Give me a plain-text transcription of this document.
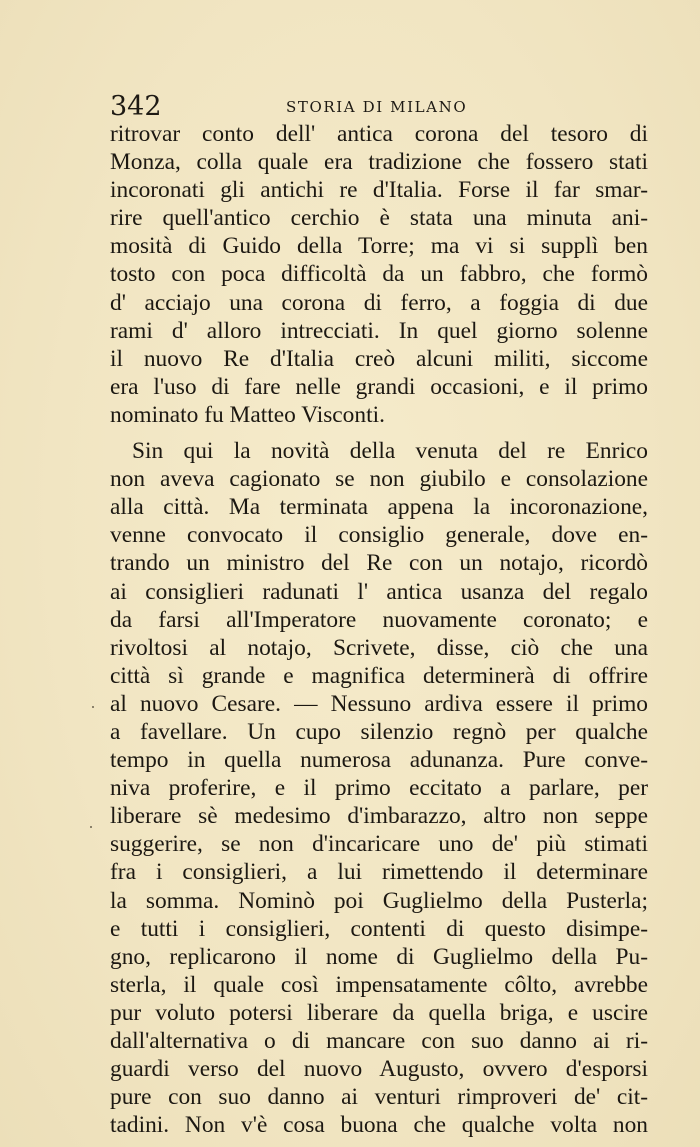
342	STORIA DI MILANO
ritrovar conto dell' antica corona del tesoro di
Monza, colla quale era tradizione che fossero stati
incoronati gli antichi re d'Italia. Forse il far smar-
rire quell'antico cerchio è stata una minuta ani-
mosità di Guido della Torre; ma vi si supplì ben
tosto con poca difficoltà da un fabbro, che formò
d' acciajo una corona di ferro, a foggia di due
rami d' alloro intrecciati. In quel giorno solenne
il nuovo Re d'Italia creò alcuni militi, siccome
era l'uso di fare nelle grandi occasioni, e il primo
nominato fu Matteo Visconti.
Sin qui la novità della venuta del re Enrico
non aveva cagionato se non giubilo e consolazione
alla città. Ma terminata appena la incoronazione,
venne convocato il consiglio generale, dove en-
trando un ministro del Re con un notajo, ricordò
ai consiglieri radunati l' antica usanza del regalo
da farsi all'Imperatore nuovamente coronato; e
rivoltosi al notajo, Scrivete, disse, ciò che una
città sì grande e magnifica determinerà di offrire
al nuovo Cesare. — Nessuno ardiva essere il primo
a favellare. Un cupo silenzio regnò per qualche
tempo in quella numerosa adunanza. Pure conve-
niva proferire, e il primo eccitato a parlare, per
liberare sè medesimo d'imbarazzo, altro non seppe
suggerire, se non d'incaricare uno de' più stimati
fra i consiglieri, a lui rimettendo il determinare
la somma. Nominò poi Guglielmo della Pusterla;
e tutti i consiglieri, contenti di questo disimpe-
gno, replicarono il nome di Guglielmo della Pu-
sterla, il quale così impensatamente côlto, avrebbe
pur voluto potersi liberare da quella briga, e uscire
dall'alternativa o di mancare con suo danno ai ri-
guardi verso del nuovo Augusto, ovvero d'esporsi
pure con suo danno ai venturi rimproveri de' cit-
tadini. Non v'è cosa buona che qualche volta non
